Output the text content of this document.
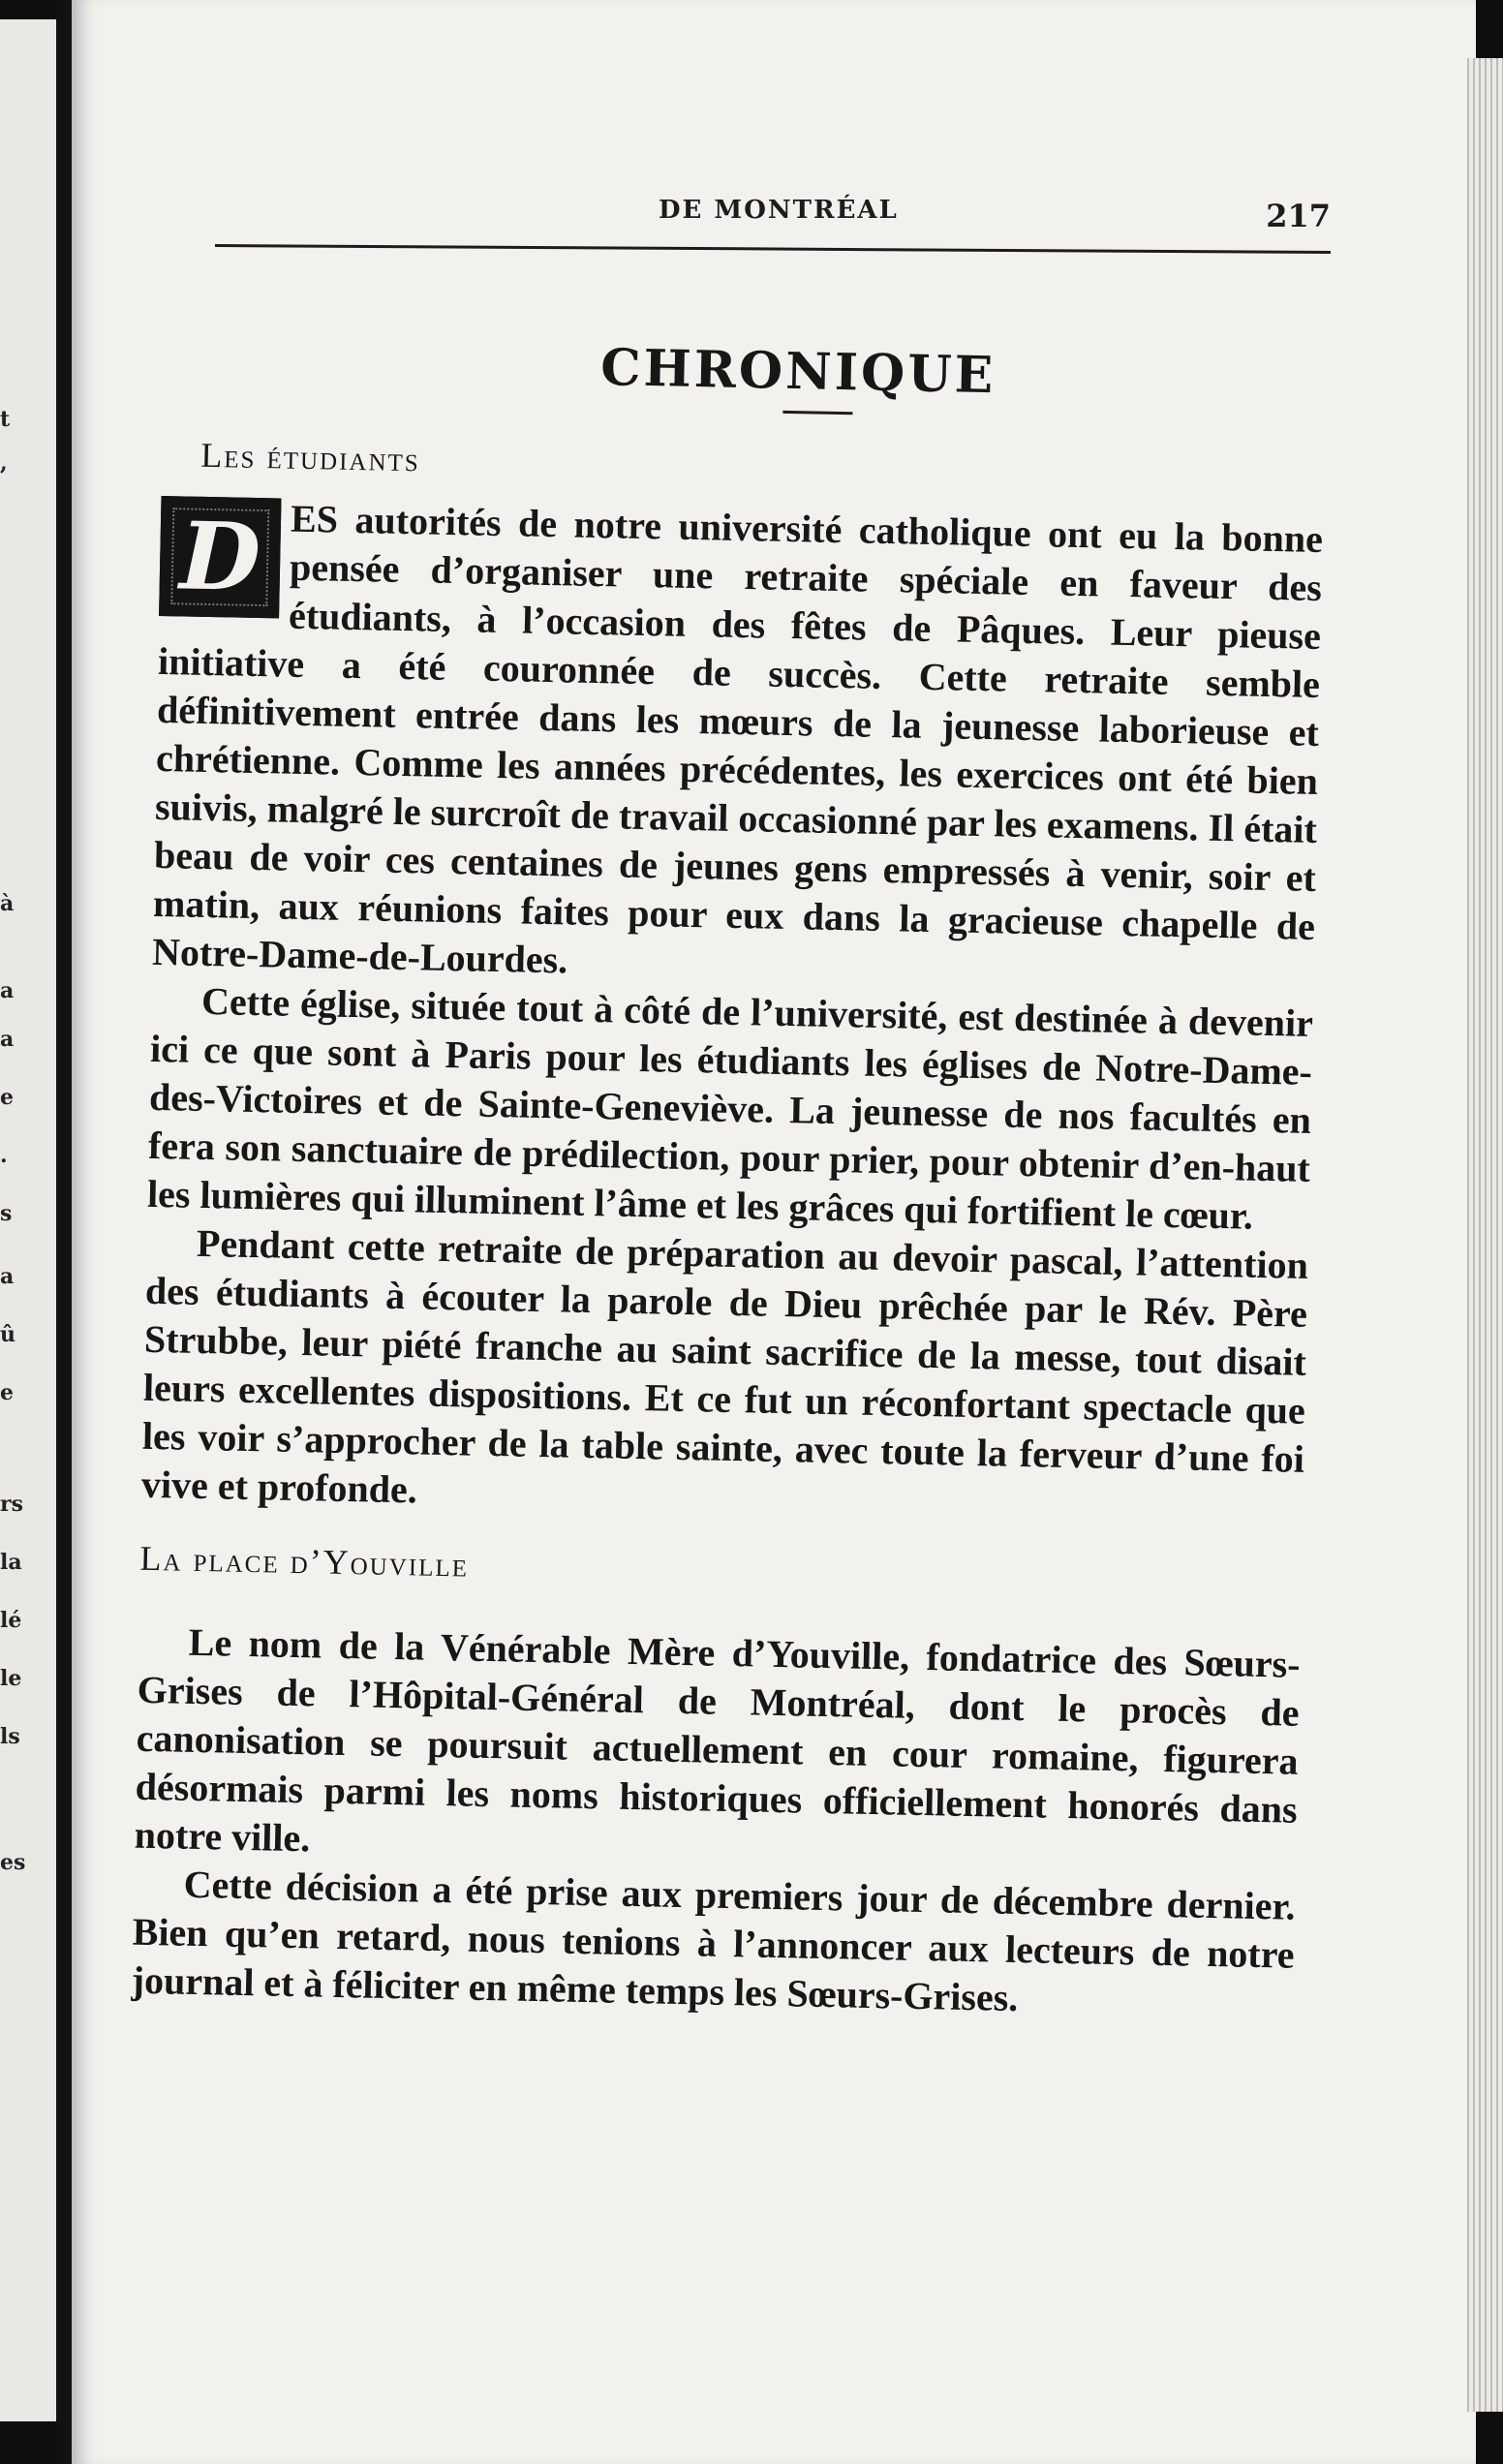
t
,
a
à
a
e
.
s
a
û
e
rs
la
lé
le
ls
es
DE MONTRÉAL	217
CHRONIQUE
Les étudiants
D ES autorités de notre université catholique ont eu la bonne pensée d’organiser une retraite spéciale en faveur des étudiants, à l’occasion des fêtes de Pâques. Leur pieuse initiative a été couronnée de succès. Cette retraite semble définitivement entrée dans les mœurs de la jeunesse laborieuse et chrétienne. Comme les années précédentes, les exercices ont été bien suivis, malgré le surcroît de travail occasionné par les examens. Il était beau de voir ces centaines de jeunes gens empressés à venir, soir et matin, aux réunions faites pour eux dans la gracieuse chapelle de Notre-Dame-de-Lourdes.

Cette église, située tout à côté de l’université, est destinée à devenir ici ce que sont à Paris pour les étudiants les églises de Notre-Dame-des-Victoires et de Sainte-Geneviève. La jeunesse de nos facultés en fera son sanctuaire de prédilection, pour prier, pour obtenir d’en-haut les lumières qui illuminent l’âme et les grâces qui fortifient le cœur.

Pendant cette retraite de préparation au devoir pascal, l’attention des étudiants à écouter la parole de Dieu prêchée par le Rév. Père Strubbe, leur piété franche au saint sacrifice de la messe, tout disait leurs excellentes dispositions. Et ce fut un réconfortant spectacle que les voir s’approcher de la table sainte, avec toute la ferveur d’une foi vive et profonde.

La place d’Youville

Le nom de la Vénérable Mère d’Youville, fondatrice des Sœurs-Grises de l’Hôpital-Général de Montréal, dont le procès de canonisation se poursuit actuellement en cour romaine, figurera désormais parmi les noms historiques officiellement honorés dans notre ville.

Cette décision a été prise aux premiers jour de décembre dernier. Bien qu’en retard, nous tenions à l’annoncer aux lecteurs de notre journal et à féliciter en même temps les Sœurs-Grises.
